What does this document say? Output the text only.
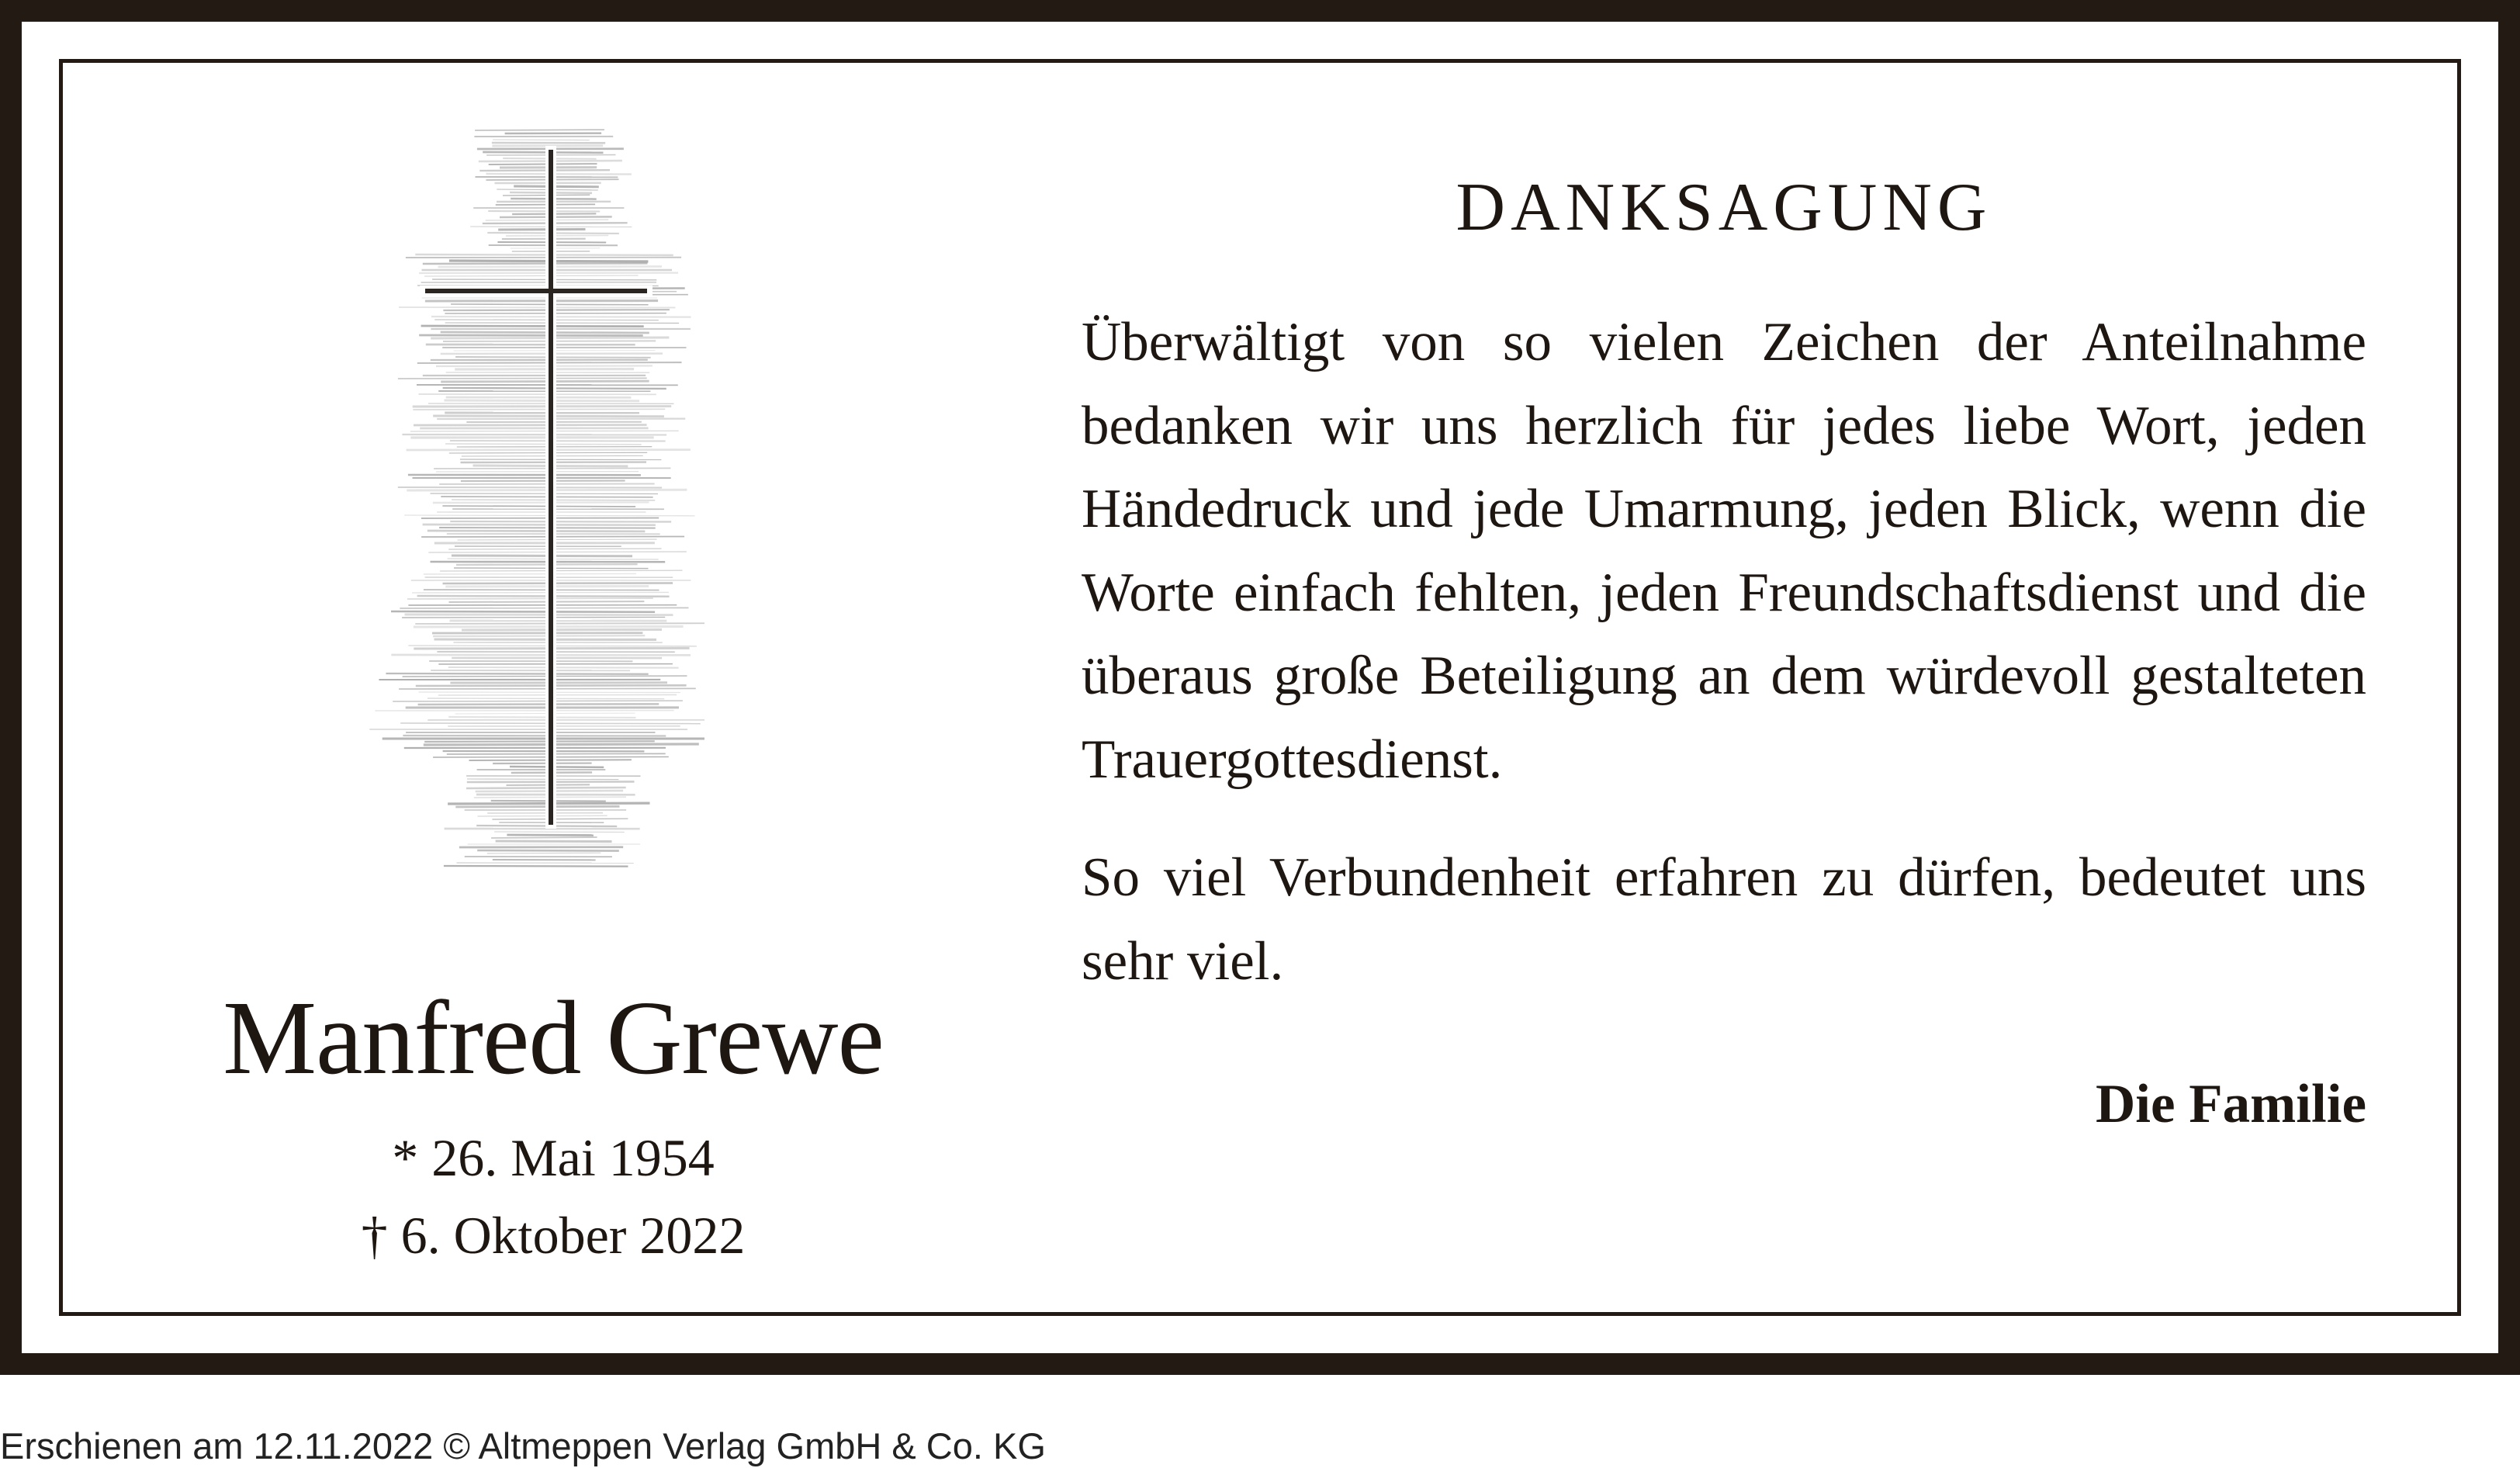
Manfred Grewe
* 26. Mai 1954
† 6. Oktober 2022
DANKSAGUNG

Überwältigt von so vielen Zeichen der Anteilnahme bedanken wir uns herzlich für jedes liebe Wort, jeden Händedruck und jede Umarmung, jeden Blick, wenn die Worte einfach fehlten, jeden Freundschaftsdienst und die überaus große Beteiligung an dem würdevoll gestalteten Trauergottesdienst.

So viel Verbundenheit erfahren zu dürfen, bedeutet uns sehr viel.

Die Familie
Erschienen am 12.11.2022 © Altmeppen Verlag GmbH & Co. KG
